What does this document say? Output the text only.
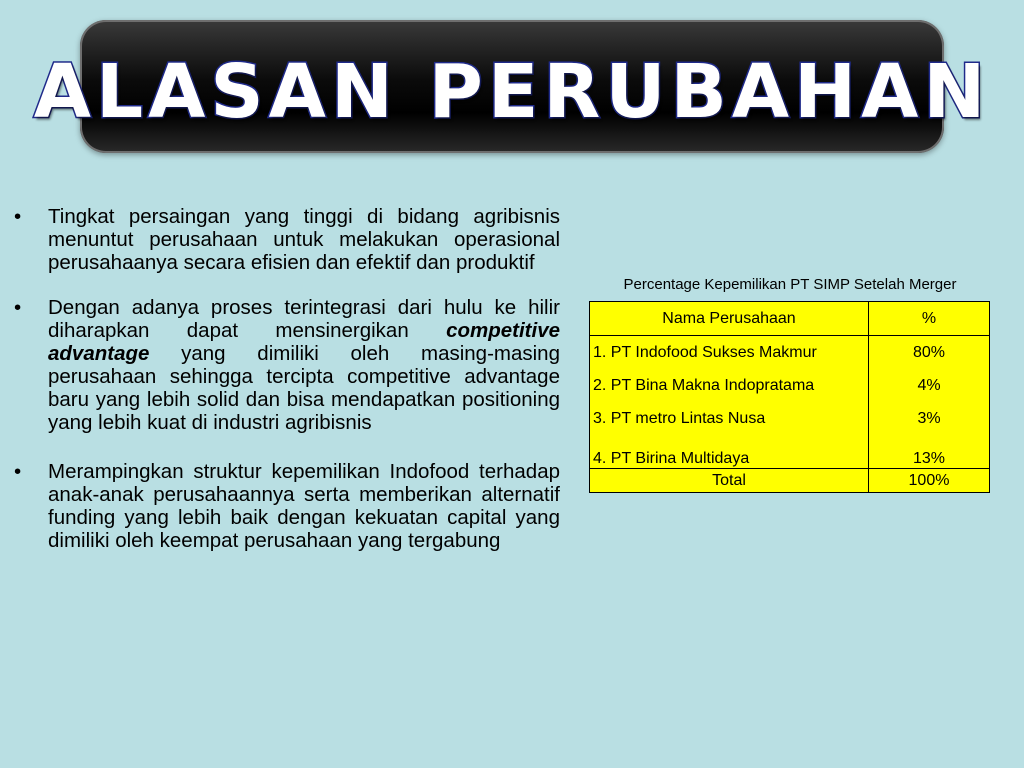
ALASAN PERUBAHAN
• Tingkat persaingan yang tinggi di bidang agribisnis menuntut perusahaan untuk melakukan operasional perusahaanya secara efisien dan efektif dan produktif
• Dengan adanya proses terintegrasi dari hulu ke hilir diharapkan dapat mensinergikan competitive advantage yang dimiliki oleh masing-masing perusahaan sehingga tercipta competitive advantage baru yang lebih solid dan bisa mendapatkan positioning yang lebih kuat di industri agribisnis
• Merampingkan struktur kepemilikan Indofood terhadap anak-anak perusahaannya serta memberikan alternatif funding yang lebih baik dengan kekuatan capital yang dimiliki oleh keempat perusahaan yang tergabung
Percentage Kepemilikan PT SIMP Setelah Merger
Nama Perusahaan	%
1. PT Indofood Sukses Makmur	80%
2. PT Bina Makna Indopratama	4%
3. PT metro Lintas Nusa	3%
4. PT Birina Multidaya	13%
Total	100%
